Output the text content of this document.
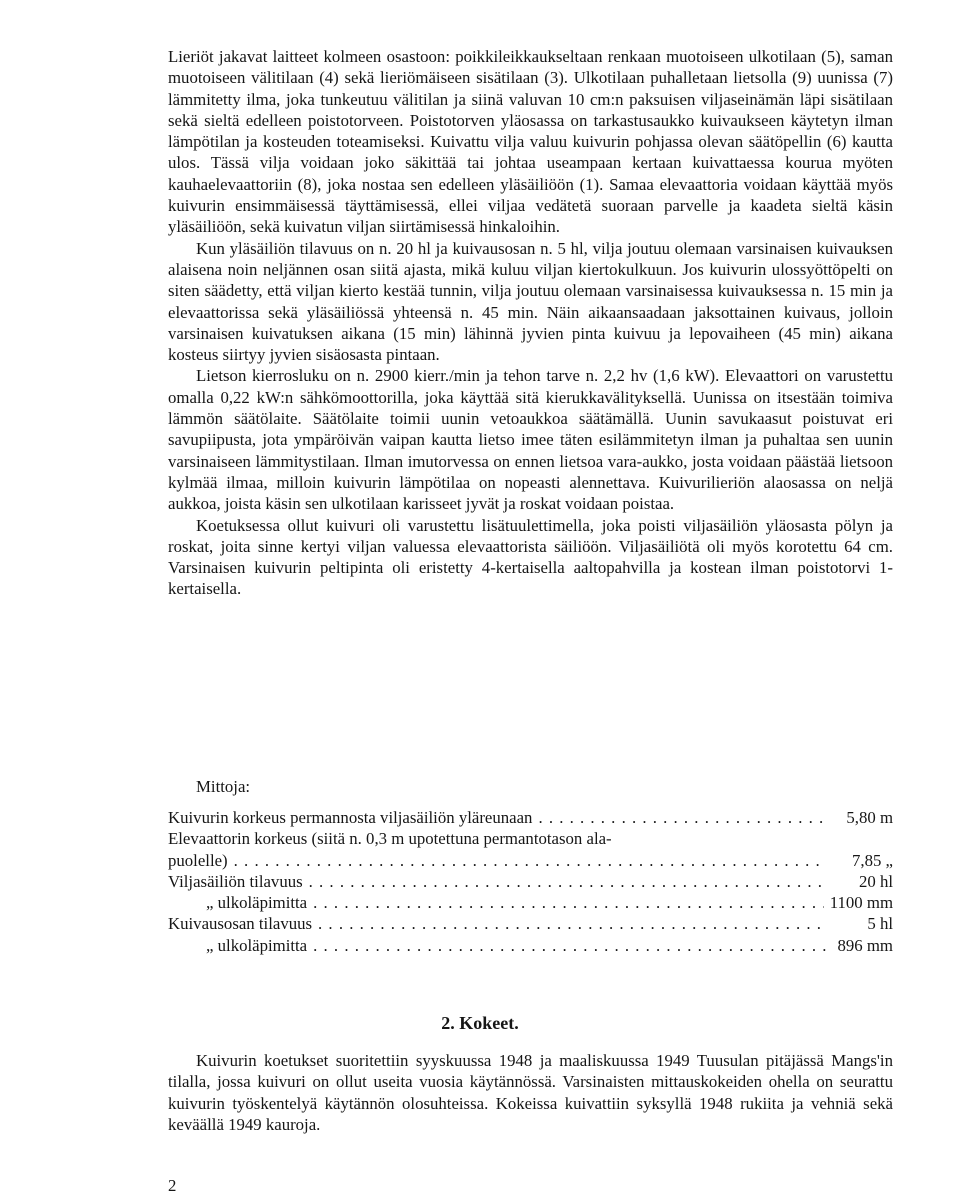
Lieriöt jakavat laitteet kolmeen osastoon: poikkileikkaukseltaan renkaan muotoiseen ulkotilaan (5), saman muotoiseen välitilaan (4) sekä lieriömäiseen sisätilaan (3). Ulkotilaan puhalletaan lietsolla (9) uunissa (7) lämmitetty ilma, joka tunkeutuu välitilan ja siinä valuvan 10 cm:n paksuisen viljaseinämän läpi sisätilaan sekä sieltä edelleen poistotorveen. Poistotorven yläosassa on tarkastusaukko kuivaukseen käytetyn ilman lämpötilan ja kosteuden toteamiseksi. Kuivattu vilja valuu kuivurin pohjassa olevan säätöpellin (6) kautta ulos. Tässä vilja voidaan joko säkittää tai johtaa useampaan kertaan kuivattaessa kourua myöten kauhaelevaattoriin (8), joka nostaa sen edelleen yläsäiliöön (1). Samaa elevaattoria voidaan käyttää myös kuivurin ensimmäisessä täyttämisessä, ellei viljaa vedätetä suoraan parvelle ja kaadeta sieltä käsin yläsäiliöön, sekä kuivatun viljan siirtämisessä hinkaloihin.

Kun yläsäiliön tilavuus on n. 20 hl ja kuivausosan n. 5 hl, vilja joutuu olemaan varsinaisen kuivauksen alaisena noin neljännen osan siitä ajasta, mikä kuluu viljan kiertokulkuun. Jos kuivurin ulossyöttöpelti on siten säädetty, että viljan kierto kestää tunnin, vilja joutuu olemaan varsinaisessa kuivauksessa n. 15 min ja elevaattorissa sekä yläsäiliössä yhteensä n. 45 min. Näin aikaansaadaan jaksottainen kuivaus, jolloin varsinaisen kuivatuksen aikana (15 min) lähinnä jyvien pinta kuivuu ja lepovaiheen (45 min) aikana kosteus siirtyy jyvien sisäosasta pintaan.

Lietson kierrosluku on n. 2900 kierr./min ja tehon tarve n. 2,2 hv (1,6 kW). Elevaattori on varustettu omalla 0,22 kW:n sähkömoottorilla, joka käyttää sitä kierukkavälityksellä. Uunissa on itsestään toimiva lämmön säätölaite. Säätölaite toimii uunin vetoaukkoa säätämällä. Uunin savukaasut poistuvat eri savupiipusta, jota ympäröivän vaipan kautta lietso imee täten esilämmitetyn ilman ja puhaltaa sen uunin varsinaiseen lämmitystilaan. Ilman imutorvessa on ennen lietsoa vara-aukko, josta voidaan päästää lietsoon kylmää ilmaa, milloin kuivurin lämpötilaa on nopeasti alennettava. Kuivurilieriön alaosassa on neljä aukkoa, joista käsin sen ulkotilaan karisseet jyvät ja roskat voidaan poistaa.

Koetuksessa ollut kuivuri oli varustettu lisätuulettimella, joka poisti viljasäiliön yläosasta pölyn ja roskat, joita sinne kertyi viljan valuessa elevaattorista säiliöön. Viljasäiliötä oli myös korotettu 64 cm. Varsinaisen kuivurin peltipinta oli eristetty 4-kertaisella aaltopahvilla ja kostean ilman poistotorvi 1-kertaisella.

Mittoja:
Kuivurin korkeus permannosta viljasäiliön yläreunaan . . .	5,80 m
Elevaattorin korkeus (siitä n. 0,3 m upotettuna permantotason ala-
puolelle) . . .	7,85 „
Viljasäiliön tilavuus . . .	20 hl
„ ulkoläpimitta . . .	1100 mm
Kuivausosan tilavuus . . .	5 hl
„ ulkoläpimitta . . .	896 mm
2. Kokeet.

Kuivurin koetukset suoritettiin syyskuussa 1948 ja maaliskuussa 1949 Tuusulan pitäjässä Mangs'in tilalla, jossa kuivuri on ollut useita vuosia käytännössä. Varsinaisten mittauskokeiden ohella on seurattu kuivurin työskentelyä käytännön olosuhteissa. Kokeissa kuivattiin syksyllä 1948 rukiita ja vehniä sekä keväällä 1949 kauroja.

2
